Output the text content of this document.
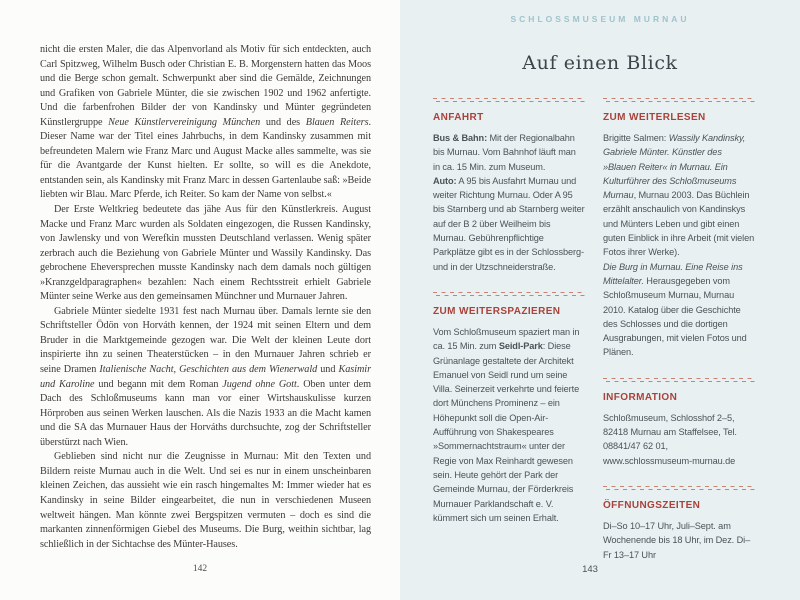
nicht die ersten Maler, die das Alpenvorland als Motiv für sich entdeckten, auch Carl Spitzweg, Wilhelm Busch oder Christian E. B. Morgenstern hatten das Moos und die Berge schon gemalt. Schwerpunkt aber sind die Gemälde, Zeichnungen und Grafiken von Gabriele Münter, die sie zwischen 1902 und 1962 anfertigte. Und die farbenfrohen Bilder der von Kandinsky und Münter gegründeten Künstlergruppe Neue Künstlervereinigung München und des Blauen Reiters. Dieser Name war der Titel eines Jahrbuchs, in dem Kandinsky zusammen mit befreundeten Malern wie Franz Marc und August Macke alles sammelte, was sie für die Avantgarde der Kunst hielten. Er sollte, so will es die Anekdote, entstanden sein, als Kandinsky mit Franz Marc in dessen Gartenlaube saß: »Beide liebten wir Blau. Marc Pferde, ich Reiter. So kam der Name von selbst.«

Der Erste Weltkrieg bedeutete das jähe Aus für den Künstlerkreis. August Macke und Franz Marc wurden als Soldaten eingezogen, die Russen Kandinsky, von Jawlensky und von Werefkin mussten Deutschland verlassen. Wenig später zerbrach auch die Beziehung von Gabriele Münter und Wassily Kandinsky. Das gebrochene Eheversprechen musste Kandinsky nach dem damals noch gültigen »Kranzgeldparagraphen« bezahlen: Nach einem Rechtsstreit erhielt Gabriele Münter seine Werke aus den gemeinsamen Münchner und Murnauer Jahren.

Gabriele Münter siedelte 1931 fest nach Murnau über. Damals lernte sie den Schriftsteller Ödön von Horváth kennen, der 1924 mit seinen Eltern und dem Bruder in die Marktgemeinde gezogen war. Die Welt der kleinen Leute dort inspirierte ihn zu seinen Theaterstücken – in den Murnauer Jahren schrieb er seine Dramen Italienische Nacht, Geschichten aus dem Wienerwald und Kasimir und Karoline und begann mit dem Roman Jugend ohne Gott. Oben unter dem Dach des Schloßmuseums kann man vor einer Wirtshauskulisse kurzen Hörproben aus seinen Werken lauschen. Als die Nazis 1933 an die Macht kamen und die SA das Murnauer Haus der Horváths durchsuchte, zog der Schriftsteller überstürzt nach Wien.

Geblieben sind nicht nur die Zeugnisse in Murnau: Mit den Texten und Bildern reiste Murnau auch in die Welt. Und sei es nur in einem unscheinbaren kleinen Zeichen, das aussieht wie ein rasch hingemaltes M: Immer wieder hat es Kandinsky in seine Bilder eingearbeitet, die nun in verschiedenen Museen weltweit hängen. Man könnte zwei Bergspitzen vermuten – doch es sind die markanten zinnenförmigen Giebel des Museums. Die Burg, weithin sichtbar, lag schließlich in der Sichtachse des Münter-Hauses.

142
SCHLOSSMUSEUM MURNAU
Auf einen Blick
ANFAHRT

Bus & Bahn: Mit der Regionalbahn bis Murnau. Vom Bahnhof läuft man in ca. 15 Min. zum Museum.

Auto: A 95 bis Ausfahrt Murnau und weiter Richtung Murnau. Oder A 95 bis Starnberg und ab Starnberg weiter auf der B 2 über Weilheim bis Murnau. Gebührenpflichtige Parkplätze gibt es in der Schlossberg- und in der Utzschneiderstraße.

ZUM WEITERSPAZIEREN

Vom Schloßmuseum spaziert man in ca. 15 Min. zum Seidl-Park: Diese Grünanlage gestaltete der Architekt Emanuel von Seidl rund um seine Villa. Seinerzeit verkehrte und feierte dort Münchens Prominenz – ein Höhepunkt soll die Open-Air-Aufführung von Shakespeares »Sommernachtstraum« unter der Regie von Max Reinhardt gewesen sein. Heute gehört der Park der Gemeinde Murnau, der Förderkreis Murnauer Parklandschaft e. V. kümmert sich um seinen Erhalt.

ZUM WEITERLESEN

Brigitte Salmen: Wassily Kandinsky, Gabriele Münter. Künstler des »Blauen Reiter« in Murnau. Ein Kulturführer des Schloßmuseums Murnau, Murnau 2003. Das Büchlein erzählt anschaulich von Kandinskys und Münters Leben und gibt einen guten Einblick in ihre Arbeit (mit vielen Fotos ihrer Werke).

Die Burg in Murnau. Eine Reise ins Mittelalter. Herausgegeben vom Schloßmuseum Murnau, Murnau 2010. Katalog über die Geschichte des Schlosses und die dortigen Ausgrabungen, mit vielen Fotos und Plänen.

INFORMATION

Schloßmuseum, Schlosshof 2–5, 82418 Murnau am Staffelsee, Tel. 08841/47 62 01, www.schlossmuseum-murnau.de

ÖFFNUNGSZEITEN

Di–So 10–17 Uhr, Juli–Sept. am Wochenende bis 18 Uhr, im Dez. Di–Fr 13–17 Uhr

143
